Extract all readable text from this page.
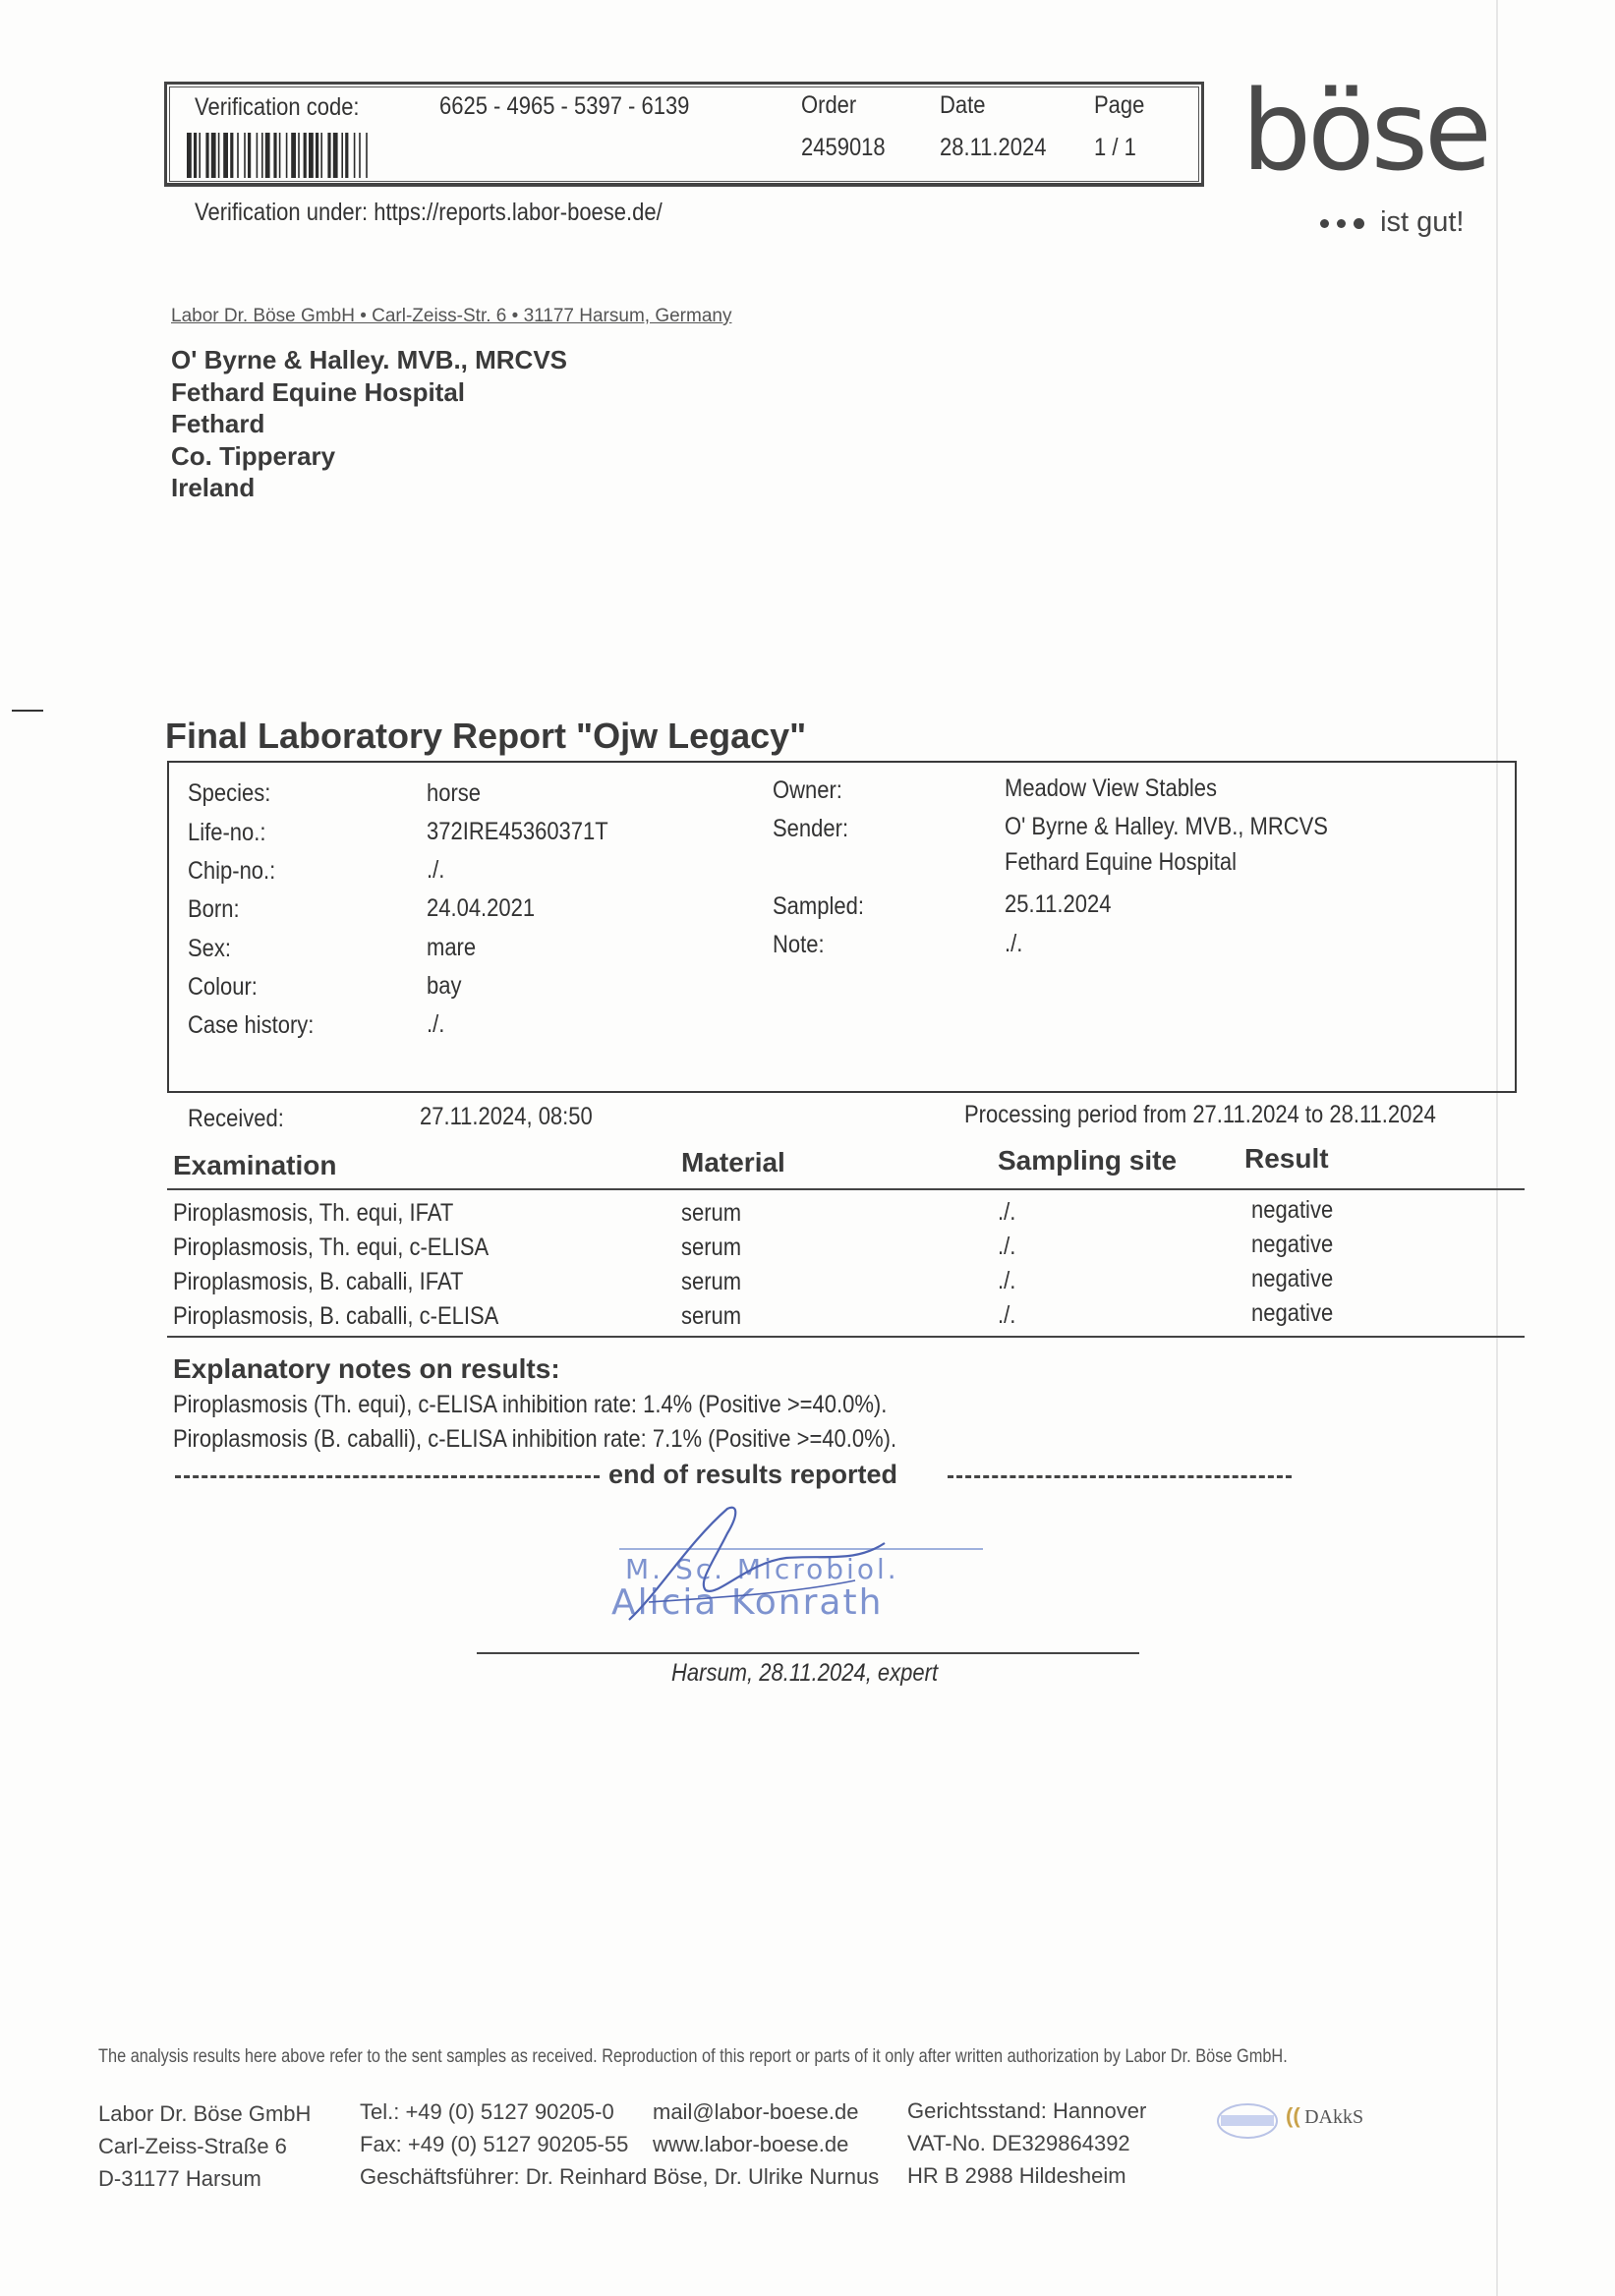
Verification code:	6625 - 4965 - 5397 - 6139	Order
2459018
Date
28.11.2024
Page
1 / 1
Verification under: https://reports.labor-boese.de/
böse
ist gut!
Labor Dr. Böse GmbH • Carl-Zeiss-Str. 6 • 31177 Harsum, Germany
O' Byrne & Halley. MVB., MRCVS
Fethard Equine Hospital
Fethard
Co. Tipperary
Ireland
Final Laboratory Report "Ojw Legacy"
Species:	horse
Life-no.:	372IRE45360371T
Chip-no.:	./.
Born:	24.04.2021
Sex:	mare
Colour:	bay
Case history:	./.
Owner:	Meadow View Stables
Sender:	O' Byrne & Halley. MVB., MRCVS
Fethard Equine Hospital
Sampled:	25.11.2024
Note:	./.
Received:	27.11.2024, 08:50	Processing period from 27.11.2024 to 28.11.2024
Examination	Material	Sampling site Result
Piroplasmosis, Th. equi, IFAT	serum	./.	negative
Piroplasmosis, Th. equi, c-ELISA	serum	./.	negative
Piroplasmosis, B. caballi, IFAT	serum	./.	negative
Piroplasmosis, B. caballi, c-ELISA	serum	./.	negative
Explanatory notes on results:
Piroplasmosis (Th. equi), c-ELISA inhibition rate: 1.4% (Positive >=40.0%).
Piroplasmosis (B. caballi), c-ELISA inhibition rate: 7.1% (Positive >=40.0%).
end of results reported
M. Sc. Microbiol.
Alicia Konrath
Harsum, 28.11.2024, expert
The analysis results here above refer to the sent samples as received. Reproduction of this report or parts of it only after written authorization by Labor Dr. Böse GmbH.
Labor Dr. Böse GmbH
Carl-Zeiss-Straße 6
D-31177 Harsum
Tel.: +49 (0) 5127 90205-0
Fax: +49 (0) 5127 90205-55
Geschäftsführer: Dr. Reinhard Böse, Dr. Ulrike Nurnus
mail@labor-boese.de
www.labor-boese.de
Gerichtsstand: Hannover
VAT-No. DE329864392
HR B 2988 Hildesheim
(( DAkkS
